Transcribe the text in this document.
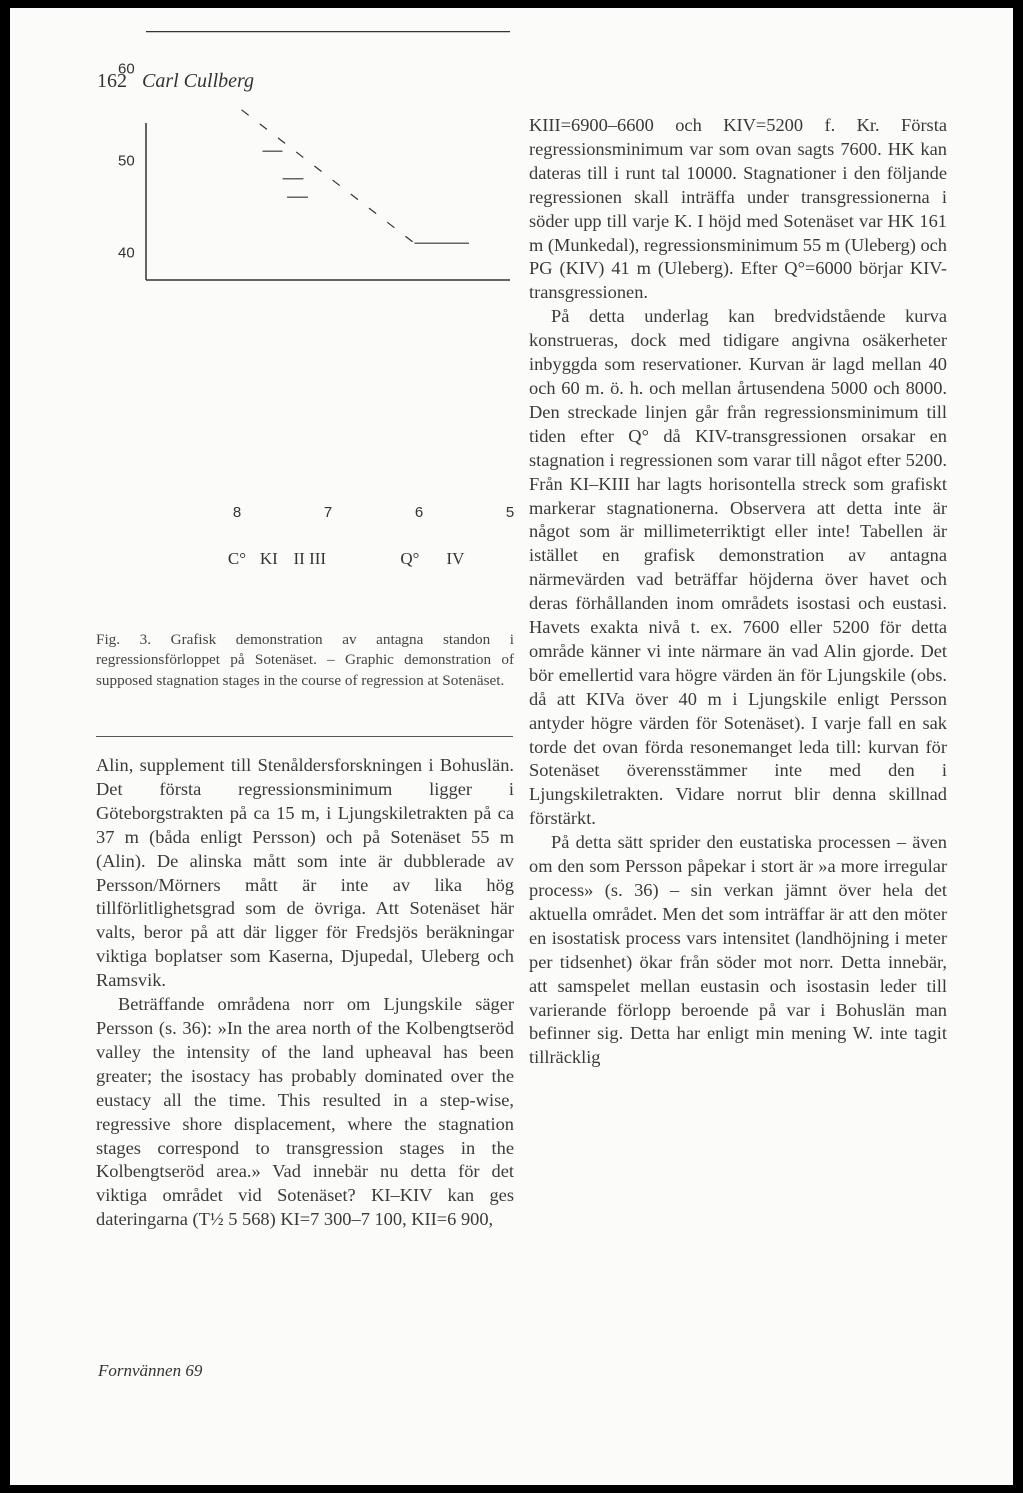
162 Carl Cullberg
60
50
40
8	7	6	5
C° KI II III	Q° IV
Fig. 3. Grafisk demonstration av antagna standon i regressionsförloppet på Sotenäset. – Graphic demonstration of supposed stagnation stages in the course of regression at Sotenäset.

Alin, supplement till Stenåldersforskningen i Bohuslän. Det första regressionsminimum ligger i Göteborgstrakten på ca 15 m, i Ljungskiletrakten på ca 37 m (båda enligt Persson) och på Sotenäset 55 m (Alin). De alinska mått som inte är dubblerade av Persson/Mörners mått är inte av lika hög tillförlitlighetsgrad som de övriga. Att Sotenäset här valts, beror på att där ligger för Fredsjös beräkningar viktiga boplatser som Kaserna, Djupedal, Uleberg och Ramsvik.

Beträffande områdena norr om Ljungskile säger Persson (s. 36): »In the area north of the Kolbengtseröd valley the intensity of the land upheaval has been greater; the isostacy has probably dominated over the eustacy all the time. This resulted in a step-wise, regressive shore displacement, where the stagnation stages correspond to transgression stages in the Kolbengtseröd area.» Vad innebär nu detta för det viktiga området vid Sotenäset? KI–KIV kan ges dateringarna (T½ 5 568) KI=7 300–7 100, KII=6 900,

KIII=6900–6600 och KIV=5200 f. Kr. Första regressionsminimum var som ovan sagts 7600. HK kan dateras till i runt tal 10000. Stagnationer i den följande regressionen skall inträffa under transgressionerna i söder upp till varje K. I höjd med Sotenäset var HK 161 m (Munkedal), regressionsminimum 55 m (Uleberg) och PG (KIV) 41 m (Uleberg). Efter Q°=6000 börjar KIV-transgressionen.

På detta underlag kan bredvidstående kurva konstrueras, dock med tidigare angivna osäkerheter inbyggda som reservationer. Kurvan är lagd mellan 40 och 60 m. ö. h. och mellan årtusendena 5000 och 8000. Den streckade linjen går från regressionsminimum till tiden efter Q° då KIV-transgressionen orsakar en stagnation i regressionen som varar till något efter 5200. Från KI–KIII har lagts horisontella streck som grafiskt markerar stagnationerna. Observera att detta inte är något som är millimeterriktigt eller inte! Tabellen är istället en grafisk demonstration av antagna närmevärden vad beträffar höjderna över havet och deras förhållanden inom områdets isostasi och eustasi. Havets exakta nivå t. ex. 7600 eller 5200 för detta område känner vi inte närmare än vad Alin gjorde. Det bör emellertid vara högre värden än för Ljungskile (obs. då att KIVa över 40 m i Ljungskile enligt Persson antyder högre värden för Sotenäset). I varje fall en sak torde det ovan förda resonemanget leda till: kurvan för Sotenäset överensstämmer inte med den i Ljungskiletrakten. Vidare norrut blir denna skillnad förstärkt.

På detta sätt sprider den eustatiska processen – även om den som Persson påpekar i stort är »a more irregular process» (s. 36) – sin verkan jämnt över hela det aktuella området. Men det som inträffar är att den möter en isostatisk process vars intensitet (landhöjning i meter per tidsenhet) ökar från söder mot norr. Detta innebär, att samspelet mellan eustasin och isostasin leder till varierande förlopp beroende på var i Bohuslän man befinner sig. Detta har enligt min mening W. inte tagit tillräcklig

Fornvännen 69
